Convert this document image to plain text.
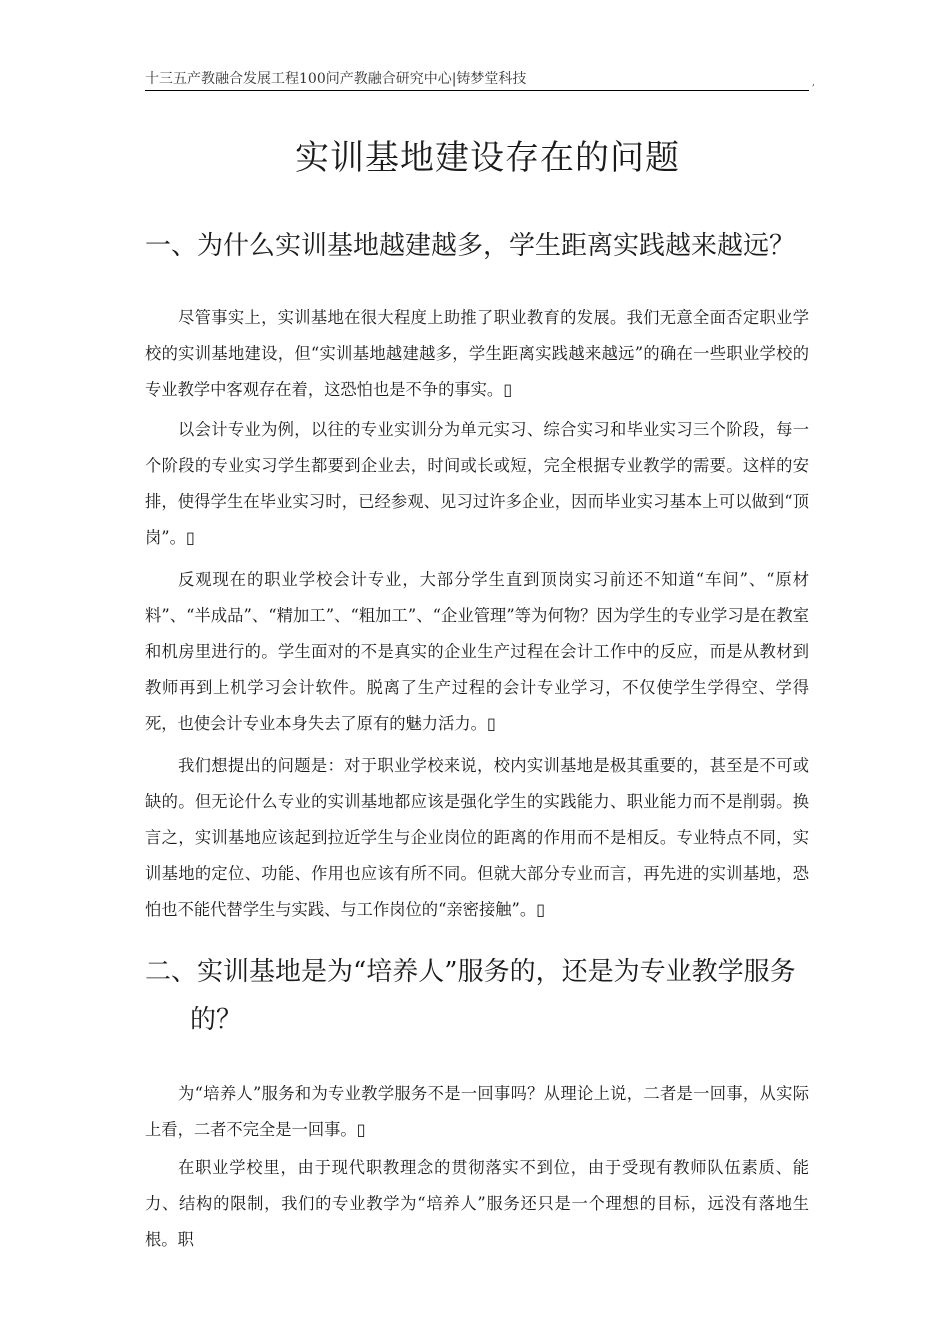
十三五产教融合发展工程100问产教融合研究中心|铸梦堂科技	,
实训基地建设存在的问题
一、为什么实训基地越建越多，学生距离实践越来越远？
尽管事实上，实训基地在很大程度上助推了职业教育的发展。我们无意全面否定职业学校的实训基地建设，但“实训基地越建越多，学生距离实践越来越远”的确在一些职业学校的专业教学中客观存在着，这恐怕也是不争的事实。▯
以会计专业为例，以往的专业实训分为单元实习、综合实习和毕业实习三个阶段，每一个阶段的专业实习学生都要到企业去，时间或长或短，完全根据专业教学的需要。这样的安排，使得学生在毕业实习时，已经参观、见习过许多企业，因而毕业实习基本上可以做到“顶岗”。▯
反观现在的职业学校会计专业，大部分学生直到顶岗实习前还不知道“车间”、“原材料”、“半成品”、“精加工”、“粗加工”、“企业管理”等为何物？因为学生的专业学习是在教室和机房里进行的。学生面对的不是真实的企业生产过程在会计工作中的反应，而是从教材到教师再到上机学习会计软件。脱离了生产过程的会计专业学习，不仅使学生学得空、学得死，也使会计专业本身失去了原有的魅力活力。▯
我们想提出的问题是：对于职业学校来说，校内实训基地是极其重要的，甚至是不可或缺的。但无论什么专业的实训基地都应该是强化学生的实践能力、职业能力而不是削弱。换言之，实训基地应该起到拉近学生与企业岗位的距离的作用而不是相反。专业特点不同，实训基地的定位、功能、作用也应该有所不同。但就大部分专业而言，再先进的实训基地，恐怕也不能代替学生与实践、与工作岗位的“亲密接触”。▯
二、实训基地是为“培养人”服务的，还是为专业教学服务
的？
为“培养人”服务和为专业教学服务不是一回事吗？从理论上说，二者是一回事，从实际上看，二者不完全是一回事。▯
在职业学校里，由于现代职教理念的贯彻落实不到位，由于受现有教师队伍素质、能力、结构的限制，我们的专业教学为“培养人”服务还只是一个理想的目标，远没有落地生根。职
